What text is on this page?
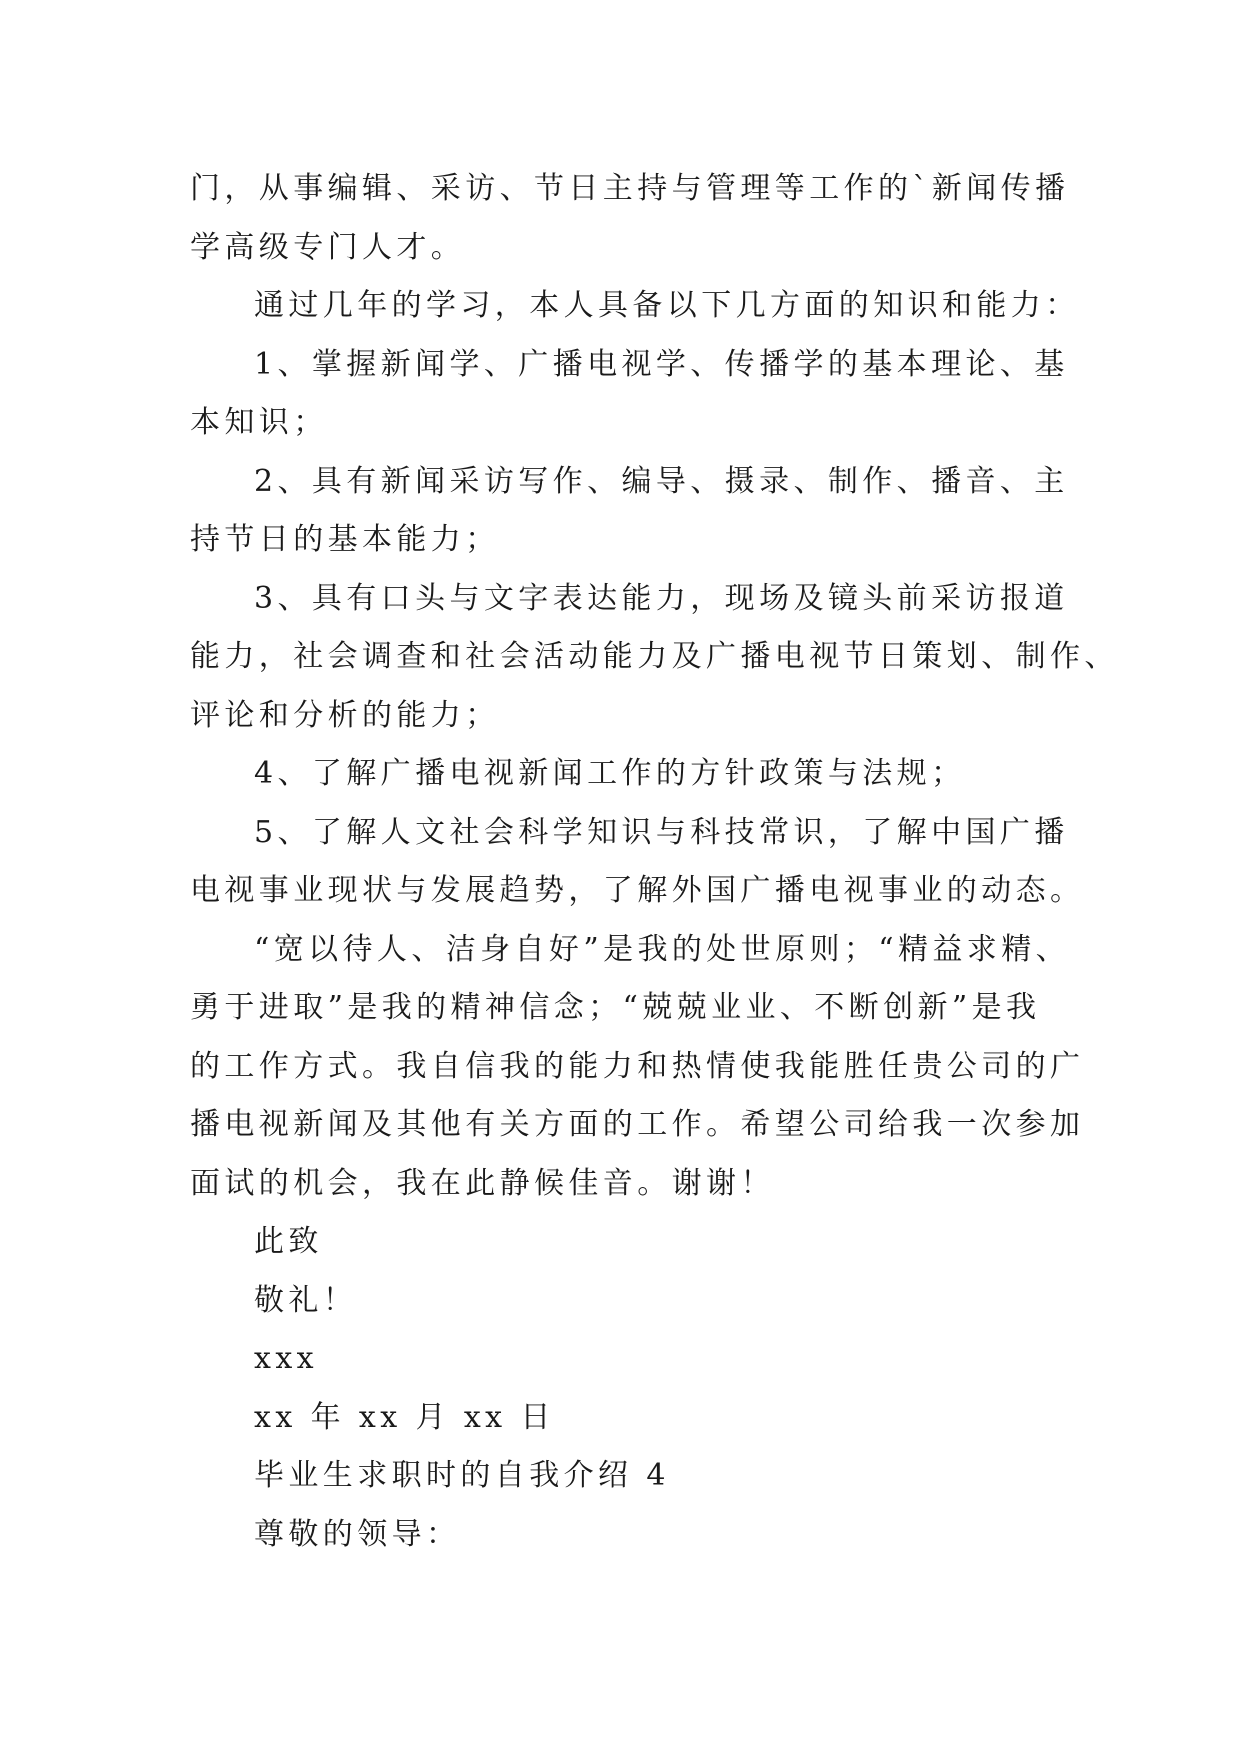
门，从事编辑、采访、节日主持与管理等工作的`新闻传播

学高级专门人才。

通过几年的学习，本人具备以下几方面的知识和能力：

1、掌握新闻学、广播电视学、传播学的基本理论、基

本知识；

2、具有新闻采访写作、编导、摄录、制作、播音、主

持节日的基本能力；

3、具有口头与文字表达能力，现场及镜头前采访报道

能力，社会调查和社会活动能力及广播电视节日策划、制作、

评论和分析的能力；

4、了解广播电视新闻工作的方针政策与法规；

5、了解人文社会科学知识与科技常识，了解中国广播

电视事业现状与发展趋势，了解外国广播电视事业的动态。

“宽以待人、洁身自好”是我的处世原则；“精益求精、

勇于进取”是我的精神信念；“兢兢业业、不断创新”是我

的工作方式。我自信我的能力和热情使我能胜任贵公司的广

播电视新闻及其他有关方面的工作。希望公司给我一次参加

面试的机会，我在此静候佳音。谢谢！

此致

敬礼！

xxx

xx 年 xx 月 xx 日

毕业生求职时的自我介绍 4

尊敬的领导：
